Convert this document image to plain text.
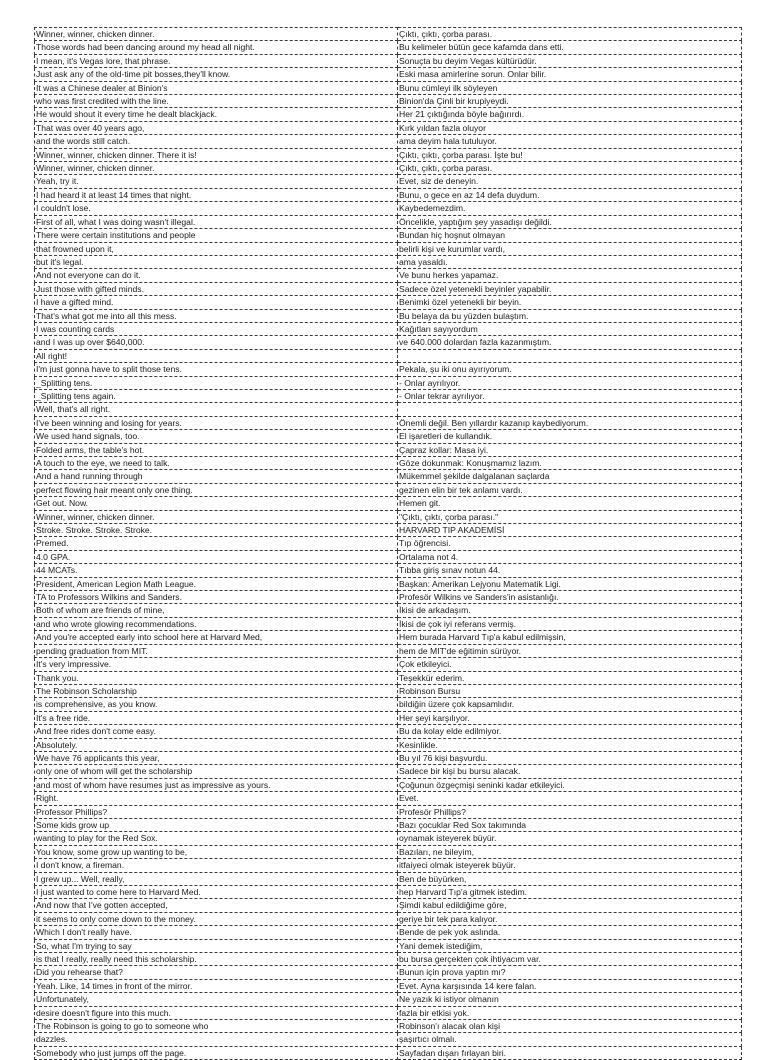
Winner, winner, chicken dinner.	Çıktı, çıktı, çorba parası.
Those words had been dancing around my head all night.	Bu kelimeler bütün gece kafamda dans etti.
I mean, it's Vegas lore, that phrase.	Sonuçta bu deyim Vegas kültürüdür.
Just ask any of the old-time pit bosses,they'll know.	Eski masa amirlerine sorun. Onlar bilir.
It was a Chinese dealer at Binion's	Bunu cümleyi ilk söyleyen
who was first credited with the line.	Binion'da Çinli bir krupiyeydi.
He would shout it every time he dealt blackjack.	Her 21 çıktığında böyle bağırırdı.
That was over 40 years ago,	Kırk yıldan fazla oluyor
and the words still catch.	ama deyim hala tutuluyor.
Winner, winner, chicken dinner. There it is!	Çıktı, çıktı, çorba parası. İşte bu!
Winner, winner, chicken dinner.	Çıktı, çıktı, çorba parası.
Yeah, try it.	Evet, siz de deneyin.
I had heard it at least 14 times that night.	Bunu, o gece en az 14 defa duydum.
I couldn't lose.	Kaybedemezdim.
First of all, what I was doing wasn't illegal.	Öncelikle, yaptığım şey yasadışı değildi.
There were certain institutions and people	Bundan hiç hoşnut olmayan
that frowned upon it,	belirli kişi ve kurumlar vardı,
but it's legal.	ama yasaldı.
And not everyone can do it.	Ve bunu herkes yapamaz.
Just those with gifted minds.	Sadece özel yetenekli beyinler yapabilir.
I have a gifted mind.	Benimki özel yetenekli bir beyin.
That's what got me into all this mess.	Bu belaya da bu yüzden bulaştım.
I was counting cards	Kağıtları sayıyordum
and I was up over $640,000.	ve 640.000 dolardan fazla kazanmıştım.
All right!	
I'm just gonna have to split those tens.	Pekala, şu iki onu ayırıyorum.
_Splitting tens.	- Onlar ayrılıyor.
_Splitting tens again.	- Onlar tekrar ayrılıyor.
Well, that's all right.	
I've been winning and losing for years.	Önemli değil. Ben yıllardır kazanıp kaybediyorum.
We used hand signals, too.	El işaretleri de kullandık.
Folded arms, the table's hot.	Çapraz kollar: Masa iyi.
A touch to the eye, we need to talk.	Göze dokunmak: Konuşmamız lazım.
And a hand running through	Mükemmel şekilde dalgalanan saçlarda
perfect flowing hair meant only one thing.	gezinen elin bir tek anlamı vardı.
Get out. Now.	Hemen git.
Winner, winner, chicken dinner.	"Çıktı, çıktı, çorba parası."
Stroke. Stroke. Stroke. Stroke.	HARVARD TIP AKADEMİSİ
Premed.	Tıp öğrencisi.
4.0 GPA.	Ortalama not 4.
44 MCATs.	Tıbba giriş sınav notun 44.
President, American Legion Math League.	Başkan: Amerikan Lejyonu Matematik Ligi.
TA to Professors Wilkins and Sanders.	Profesör Wilkins ve Sanders'in asistanlığı.
Both of whom are friends of mine,	İkisi de arkadaşım.
and who wrote glowing recommendations.	İkisi de çok iyi referans vermiş.
And you're accepted early into school here at Harvard Med,	Hem burada Harvard Tıp'a kabul edilmişsin,
pending graduation from MIT.	hem de MIT'de eğitimin sürüyor.
It's very impressive.	Çok etkileyici.
Thank you.	Teşekkür ederim.
The Robinson Scholarship	Robinson Bursu
is comprehensive, as you know.	bildiğin üzere çok kapsamlıdır.
It's a free ride.	Her şeyi karşılıyor.
And free rides don't come easy.	Bu da kolay elde edilmiyor.
Absolutely.	Kesinlikle.
We have 76 applicants this year,	Bu yıl 76 kişi başvurdu.
only one of whom will get the scholarship	Sadece bir kişi bu bursu alacak.
and most of whom have resumes just as impressive as yours.	Çoğunun özgeçmişi seninki kadar etkileyici.
Right.	Evet.
Professor Phillips?	Profesör Phillips?
Some kids grow up	Bazı çocuklar Red Sox takımında
wanting to play for the Red Sox.	oynamak isteyerek büyür.
You know, some grow up wanting to be,	Bazıları, ne bileyim,
I don't know, a fireman.	itfaiyeci olmak isteyerek büyür.
I grew up... Well, really,	Ben de büyürken,
I just wanted to come here to Harvard Med.	hep Harvard Tıp'a gitmek istedim.
And now that I've gotten accepted,	Şimdi kabul edildiğime göre,
it seems to only come down to the money.	geriye bir tek para kalıyor.
Which I don't really have.	Bende de pek yok aslında.
So, what I'm trying to say	Yani demek istediğim,
is that I really, really need this scholarship.	bu bursa gerçekten çok ihtiyacım var.
Did you rehearse that?	Bunun için prova yaptın mı?
Yeah. Like, 14 times in front of the mirror.	Evet. Ayna karşısında 14 kere falan.
Unfortunately,	Ne yazık ki istiyor olmanın
desire doesn't figure into this much.	fazla bir etkisi yok.
The Robinson is going to go to someone who	Robinson'ı alacak olan kişi
dazzles.	şaşırtıcı olmalı.
Somebody who just jumps off the page.	Sayfadan dışarı fırlayan biri.
